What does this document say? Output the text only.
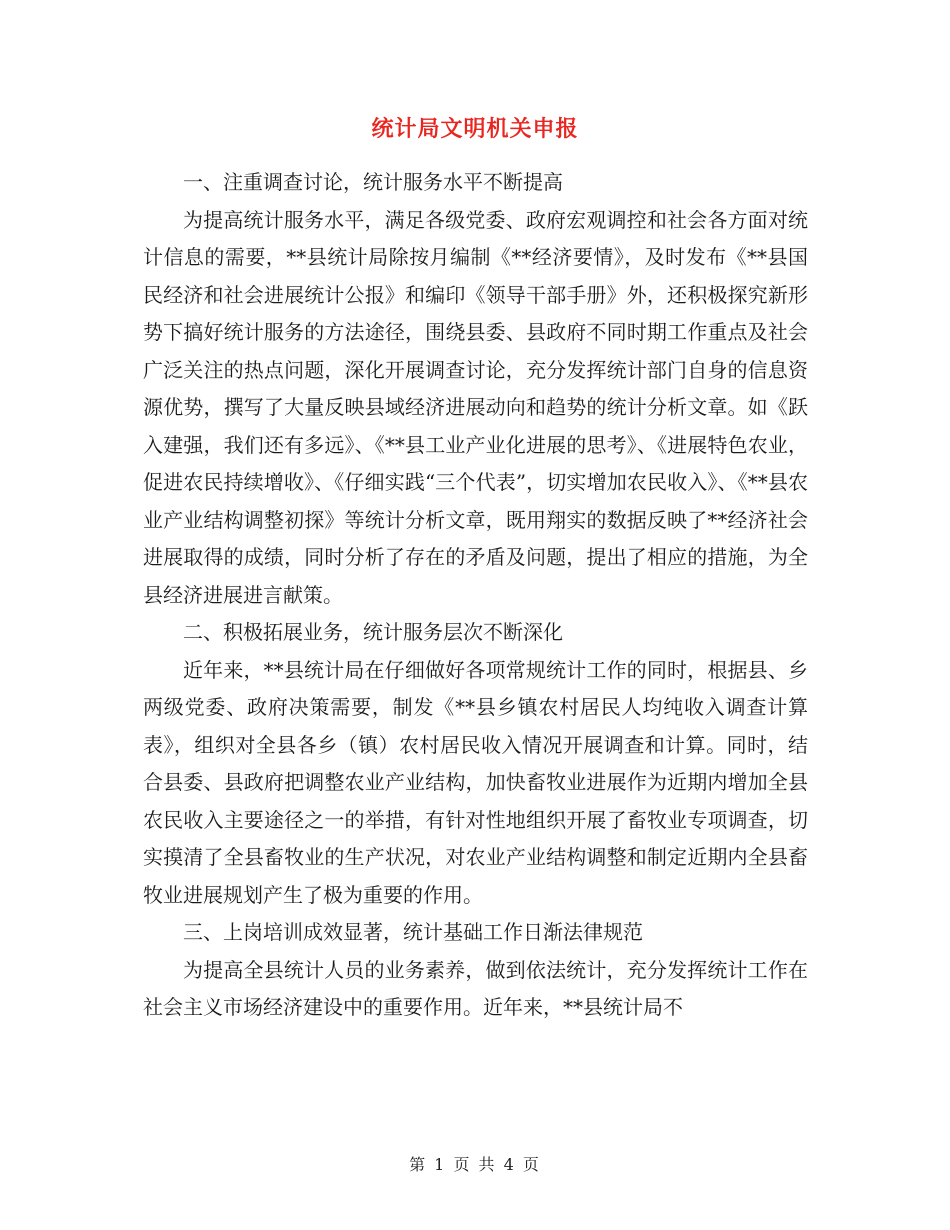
统计局文明机关申报

一、注重调查讨论，统计服务水平不断提高

为提高统计服务水平，满足各级党委、政府宏观调控和社会各方面对统计信息的需要，**县统计局除按月编制《**经济要情》，及时发布《**县国民经济和社会进展统计公报》和编印《领导干部手册》外，还积极探究新形势下搞好统计服务的方法途径，围绕县委、县政府不同时期工作重点及社会广泛关注的热点问题，深化开展调查讨论，充分发挥统计部门自身的信息资源优势，撰写了大量反映县域经济进展动向和趋势的统计分析文章。如《跃入建强，我们还有多远》、《**县工业产业化进展的思考》、《进展特色农业，促进农民持续增收》、《仔细实践“三个代表”，切实增加农民收入》、《**县农业产业结构调整初探》等统计分析文章，既用翔实的数据反映了**经济社会进展取得的成绩，同时分析了存在的矛盾及问题，提出了相应的措施，为全县经济进展进言献策。

二、积极拓展业务，统计服务层次不断深化

近年来，**县统计局在仔细做好各项常规统计工作的同时，根据县、乡两级党委、政府决策需要，制发《**县乡镇农村居民人均纯收入调查计算表》，组织对全县各乡（镇）农村居民收入情况开展调查和计算。同时，结合县委、县政府把调整农业产业结构，加快畜牧业进展作为近期内增加全县农民收入主要途径之一的举措，有针对性地组织开展了畜牧业专项调查，切实摸清了全县畜牧业的生产状况，对农业产业结构调整和制定近期内全县畜牧业进展规划产生了极为重要的作用。

三、上岗培训成效显著，统计基础工作日渐法律规范

为提高全县统计人员的业务素养，做到依法统计，充分发挥统计工作在社会主义市场经济建设中的重要作用。近年来，**县统计局不

第 1 页 共 4 页
